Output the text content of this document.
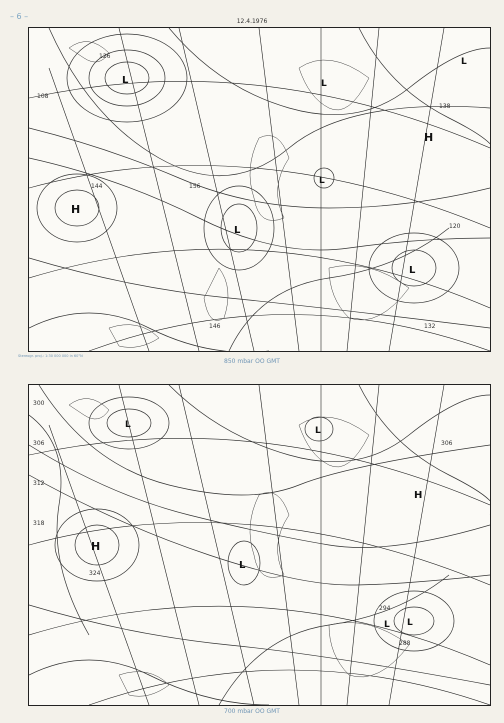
– 6 –
12.4.1976
L	L
L
H
L
L
H
L
126
108
144
138
156
120
132
146
Stereogr. proj.: 1:30 000 000 in 60°N
850 mbar OO GMT
L
L
H
L
H
L L
300
306
312
318
324
294
288
306
700 mbar OO GMT
